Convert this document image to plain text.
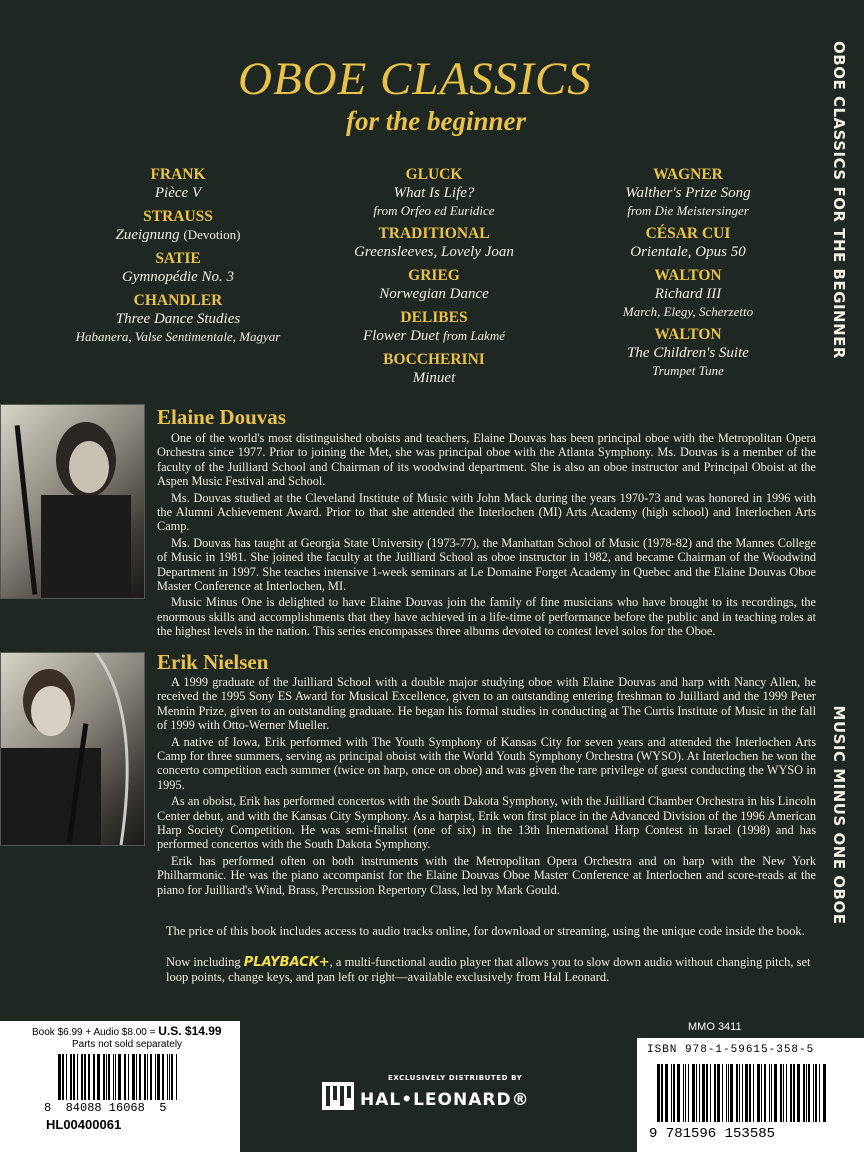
OBOE CLASSICS
for the beginner
FRANK
Pièce V
STRAUSS
Zueignung (Devotion)
SATIE
Gymnopédie No. 3
CHANDLER
Three Dance Studies
Habanera, Valse Sentimentale, Magyar
GLUCK
What Is Life?
from Orfeo ed Euridice
TRADITIONAL
Greensleeves, Lovely Joan
GRIEG
Norwegian Dance
DELIBES
Flower Duet from Lakmé
BOCCHERINI
Minuet
WAGNER
Walther's Prize Song
from Die Meistersinger
CÉSAR CUI
Orientale, Opus 50
WALTON
Richard III
March, Elegy, Scherzetto
WALTON
The Children's Suite
Trumpet Tune
OBOE CLASSICS FOR THE BEGINNER
MUSIC MINUS ONE OBOE
Elaine Douvas

One of the world's most distinguished oboists and teachers, Elaine Douvas has been principal oboe with the Metropolitan Opera Orchestra since 1977. Prior to joining the Met, she was principal oboe with the Atlanta Symphony. Ms. Douvas is a member of the faculty of the Juilliard School and Chairman of its woodwind department. She is also an oboe instructor and Principal Oboist at the Aspen Music Festival and School.

Ms. Douvas studied at the Cleveland Institute of Music with John Mack during the years 1970-73 and was honored in 1996 with the Alumni Achievement Award. Prior to that she attended the Interlochen (MI) Arts Academy (high school) and Interlochen Arts Camp.

Ms. Douvas has taught at Georgia State University (1973-77), the Manhattan School of Music (1978-82) and the Mannes College of Music in 1981. She joined the faculty at the Juilliard School as oboe instructor in 1982, and became Chairman of the Woodwind Department in 1997. She teaches intensive 1-week seminars at Le Domaine Forget Academy in Quebec and the Elaine Douvas Oboe Master Conference at Interlochen, MI.

Music Minus One is delighted to have Elaine Douvas join the family of fine musicians who have brought to its recordings, the enormous skills and accomplishments that they have achieved in a life-time of performance before the public and in teaching roles at the highest levels in the nation. This series encompasses three albums devoted to contest level solos for the Oboe.

Erik Nielsen

A 1999 graduate of the Juilliard School with a double major studying oboe with Elaine Douvas and harp with Nancy Allen, he received the 1995 Sony ES Award for Musical Excellence, given to an outstanding entering freshman to Juilliard and the 1999 Peter Mennin Prize, given to an outstanding graduate. He began his formal studies in conducting at The Curtis Institute of Music in the fall of 1999 with Otto-Werner Mueller.

A native of Iowa, Erik performed with The Youth Symphony of Kansas City for seven years and attended the Interlochen Arts Camp for three summers, serving as principal oboist with the World Youth Symphony Orchestra (WYSO). At Interlochen he won the concerto competition each summer (twice on harp, once on oboe) and was given the rare privilege of guest conducting the WYSO in 1995.

As an oboist, Erik has performed concertos with the South Dakota Symphony, with the Juilliard Chamber Orchestra in his Lincoln Center debut, and with the Kansas City Symphony. As a harpist, Erik won first place in the Advanced Division of the 1996 American Harp Society Competition. He was semi-finalist (one of six) in the 13th International Harp Contest in Israel (1998) and has performed concertos with the South Dakota Symphony.

Erik has performed often on both instruments with the Metropolitan Opera Orchestra and on harp with the New York Philharmonic. He was the piano accompanist for the Elaine Douvas Oboe Master Conference at Interlochen and score-reads at the piano for Juilliard's Wind, Brass, Percussion Repertory Class, led by Mark Gould.

The price of this book includes access to audio tracks online, for download or streaming, using the unique code inside the book.
Now including PLAYBACK+, a multi-functional audio player that allows you to slow down audio without changing pitch, set loop points, change keys, and pan left or right—available exclusively from Hal Leonard.
Book $6.99 + Audio $8.00 = U.S. $14.99
Parts not sold separately
8  84088 16068  5
HL00400061
EXCLUSIVELY DISTRIBUTED BY
HAL•LEONARD®
MMO 3411
ISBN 978-1-59615-358-5
9 781596 153585
